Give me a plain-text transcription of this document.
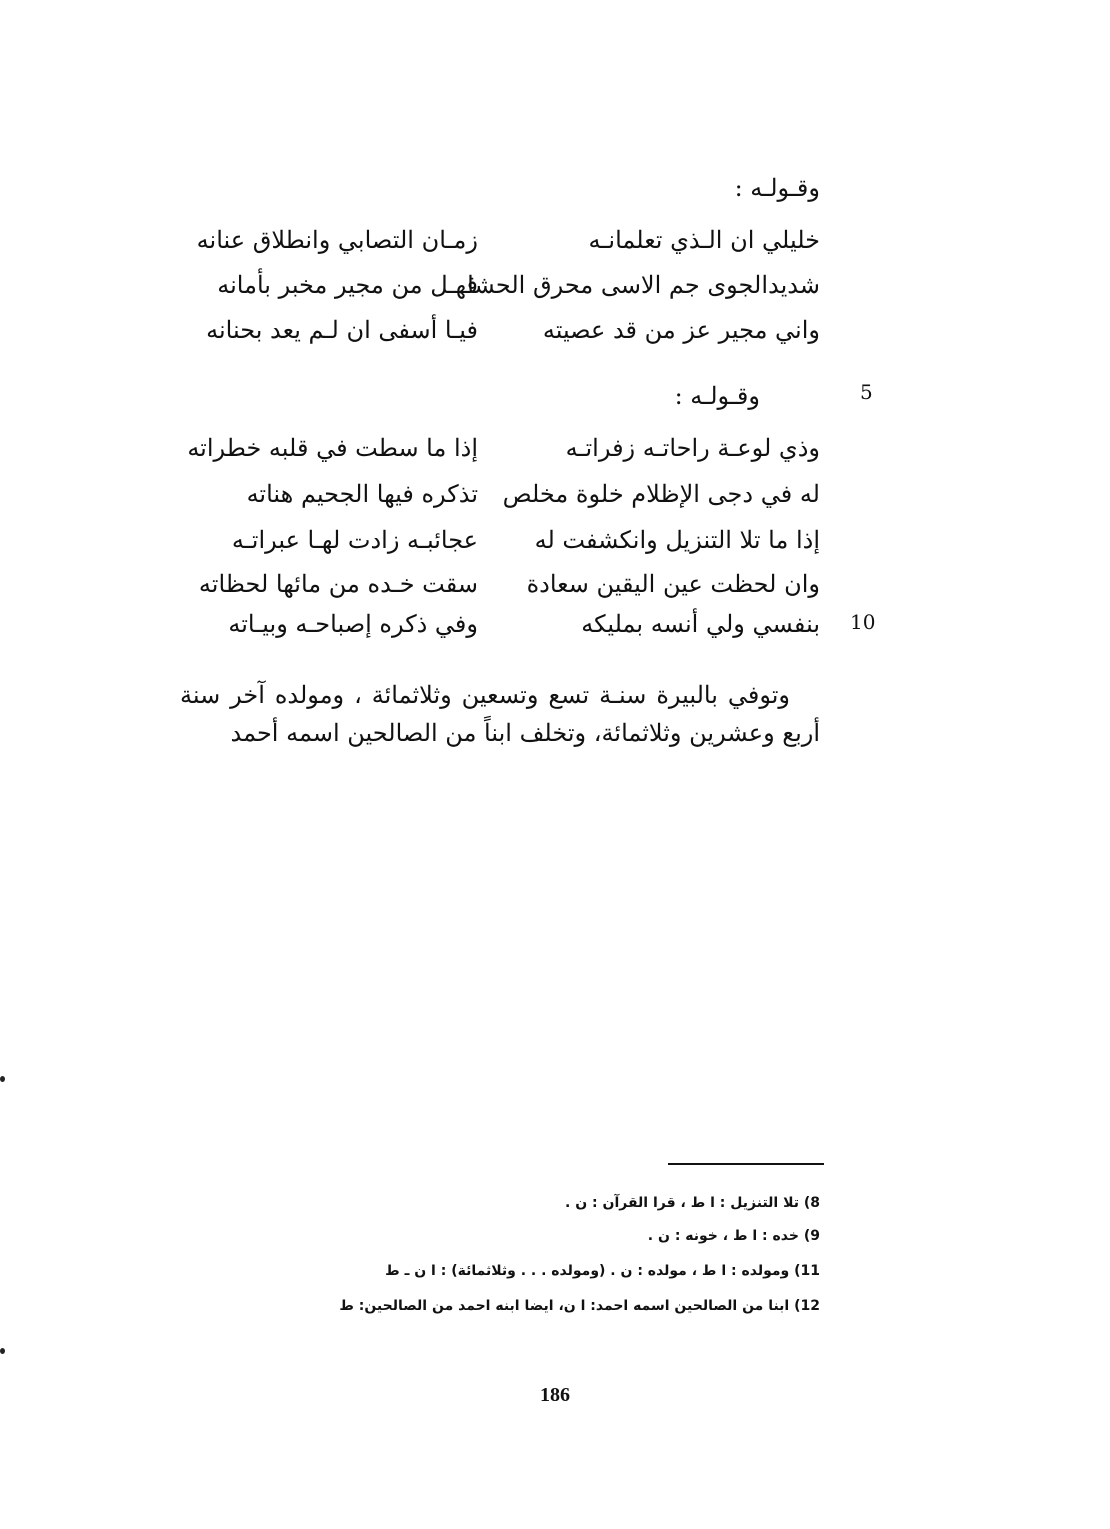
وقـولـه :
خليلي ان الـذي تعلمانـه
زمـان التصابي وانطلاق عنانه
شديدالجوى جم الاسى محرق الحشا
فهـل من مجير مخبر بأمانه
واني مجير عز من قد عصيته
فيـا أسفى ان لـم يعد بحنانه
وقـولـه :	5
وذي لوعـة راحاتـه زفراتـه
إذا ما سطت في قلبه خطراته
له في دجى الإظلام خلوة مخلص
تذكره فيها الجحيم هناته
إذا ما تلا التنزيل وانكشفت له
عجائبـه زادت لهـا عبراتـه
وان لحظت عين اليقين سعادة
سقت خـده من مائها لحظاته
بنفسي ولي أنسه بمليكه
وفي ذكره إصباحـه وبيـاته	10
وتوفي بالبيرة سنـة تسع وتسعين وثلاثمائة ، ومولده آخر سنة أربع وعشرين وثلاثمائة، وتخلف ابناً من الصالحين اسمه أحمد
8) تلا التنزيل : ا ط ، قرا القرآن : ن .
9) خده : ا ط ، خونه : ن .
11) ومولده : ا ط ، مولده : ن . (ومولده . . . وثلاثمائة) : ا ن ـ ط
12) ابنا من الصالحين اسمه احمد: ا ن، ايضا ابنه احمد من الصالحين: ط
186
